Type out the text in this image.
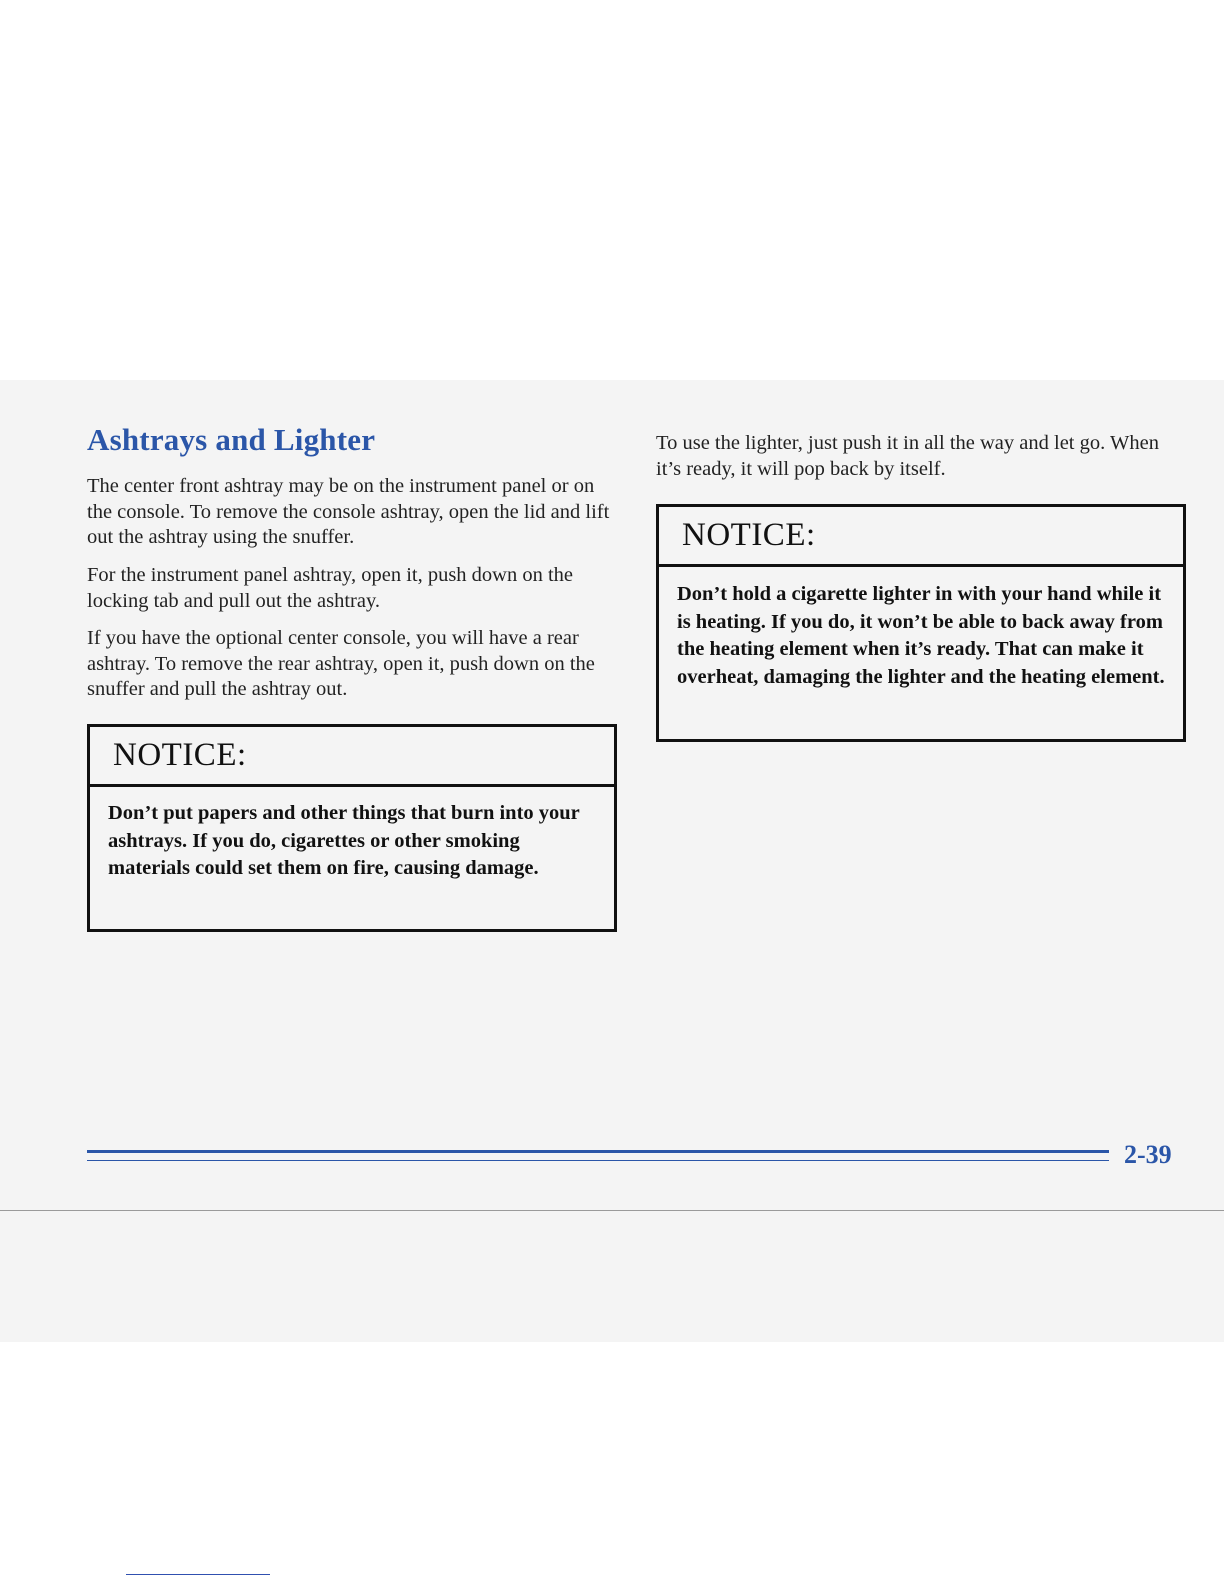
Ashtrays and Lighter

The center front ashtray may be on the instrument panel or on the console. To remove the console ashtray, open the lid and lift out the ashtray using the snuffer.

For the instrument panel ashtray, open it, push down on the locking tab and pull out the ashtray.

If you have the optional center console, you will have a rear ashtray. To remove the rear ashtray, open it, push down on the snuffer and pull the ashtray out.

NOTICE:
Don’t put papers and other things that burn into your ashtrays. If you do, cigarettes or other smoking materials could set them on fire, causing damage.

To use the lighter, just push it in all the way and let go. When it’s ready, it will pop back by itself.

NOTICE:
Don’t hold a cigarette lighter in with your hand while it is heating. If you do, it won’t be able to back away from the heating element when it’s ready. That can make it overheat, damaging the lighter and the heating element.
2-39
